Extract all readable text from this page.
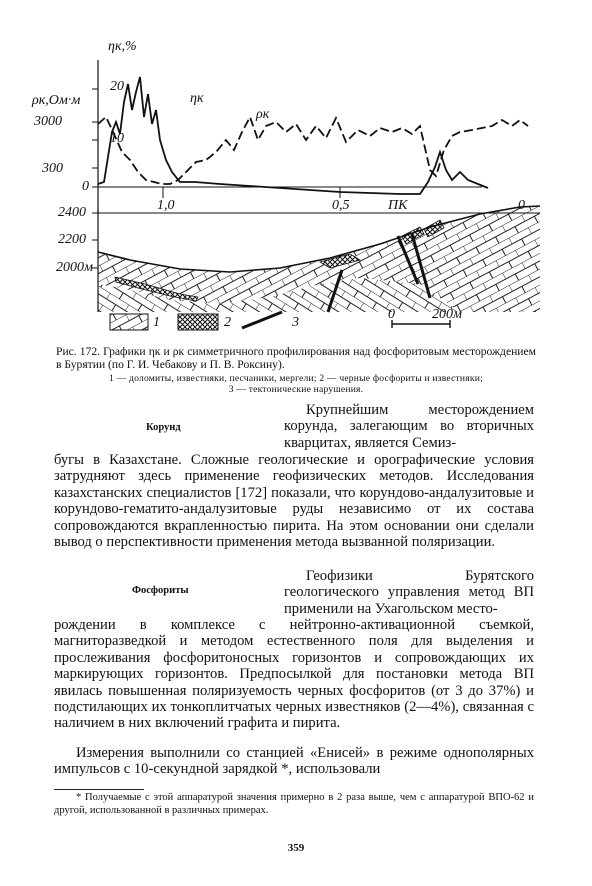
ηк,%
ρк,Ом·м
20
10
0
3000
300
ηк
ρк
1,0	0,5	ПК	0
2400
2200
2000м
1	2	3
0	200м
Рис. 172. Графики ηк и ρк симметричного профилирования над фосфоритовым месторождением в Бурятии (по Г. И. Чебакову и П. В. Роксину).
1 — доломиты, известняки, песчаники, мергели; 2 — черные фосфориты и известняки;
3 — тектонические нарушения.
Корунд
Крупнейшим месторождением корунда, залегающим во вторичных кварцитах, является Семиз-
бугы в Казахстане. Сложные геологические и орографические условия затрудняют здесь применение геофизических методов. Исследования казахстанских специалистов [172] показали, что корундово-андалузитовые и корундово-гематито-андалузитовые руды независимо от их состава сопровождаются вкрапленностью пирита. На этом основании они сделали вывод о перспективности применения метода вызванной поляризации.
Фосфориты
Геофизики Бурятского геологического управления метод ВП применили на Ухагольском место-
рождении в комплексе с нейтронно-активационной съемкой, магниторазведкой и методом естественного поля для выделения и прослеживания фосфоритоносных горизонтов и сопровождающих их маркирующих горизонтов. Предпосылкой для постановки метода ВП явилась повышенная поляризуемость черных фосфоритов (от 3 до 37%) и подстилающих их тонкоплитчатых черных известняков (2—4%), связанная с наличием в них включений графита и пирита.
Измерения выполнили со станцией «Енисей» в режиме однополярных импульсов с 10-секундной зарядкой *, использовали
* Получаемые с этой аппаратурой значения примерно в 2 раза выше, чем с аппаратурой ВПО-62 и другой, использованной в различных примерах.
359
